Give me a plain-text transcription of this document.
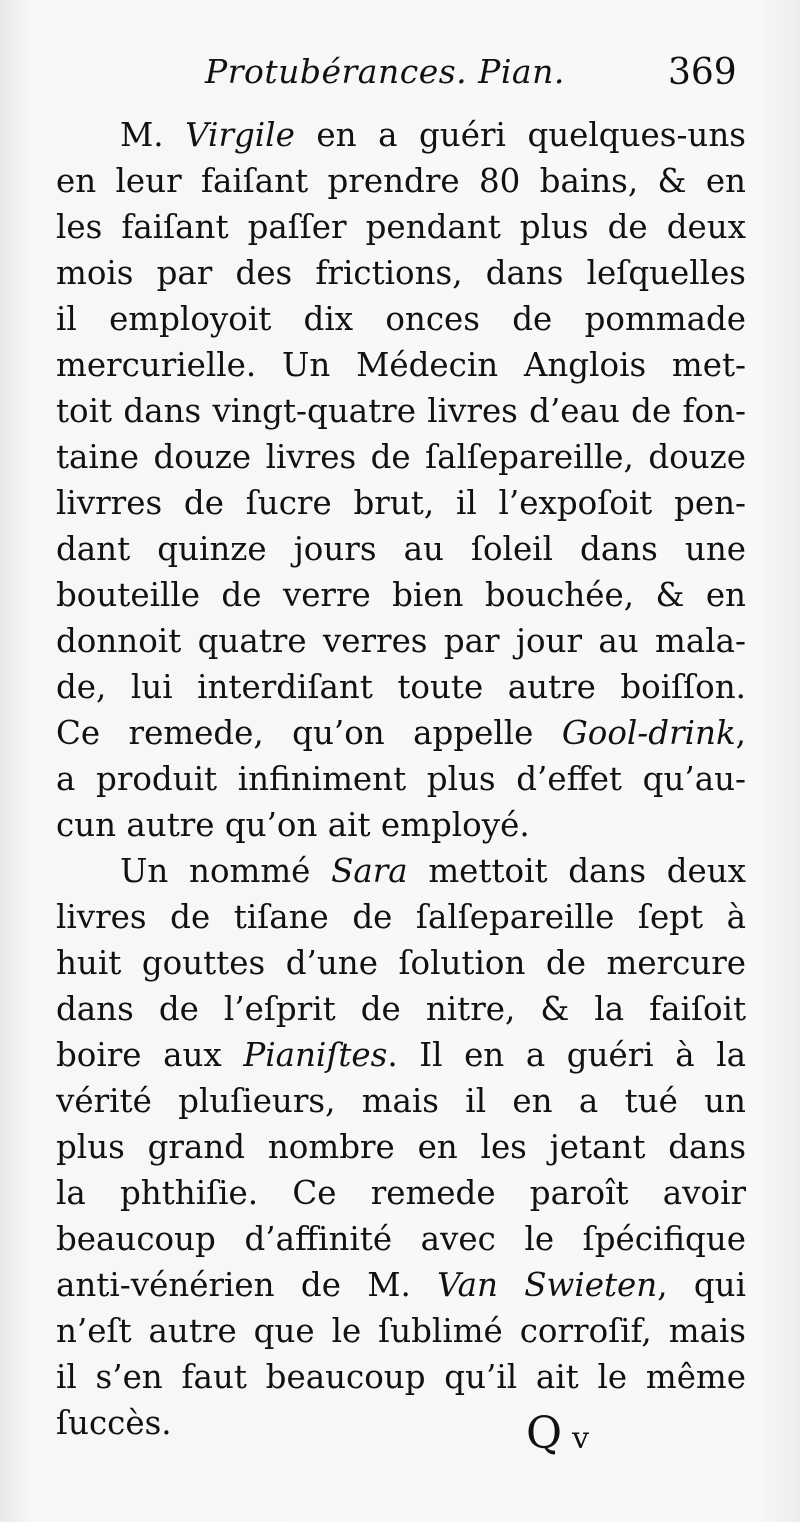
Protubérances. Pian.	369
M. Virgile en a guéri quelques-uns
en leur faiſant prendre 80 bains, & en
les faiſant paſſer pendant plus de deux
mois par des frictions, dans leſquelles
il employoit dix onces de pommade
mercurielle. Un Médecin Anglois met-
toit dans vingt-quatre livres d’eau de fon-
taine douze livres de ſalſepareille, douze
livrres de ſucre brut, il l’expoſoit pen-
dant quinze jours au ſoleil dans une
bouteille de verre bien bouchée, & en
donnoit quatre verres par jour au mala-
de, lui interdiſant toute autre boiſſon.
Ce remede, qu’on appelle Gool-drink,
a produit infiniment plus d’effet qu’au-
cun autre qu’on ait employé.
Un nommé Sara mettoit dans deux
livres de tiſane de ſalſepareille ſept à
huit gouttes d’une ſolution de mercure
dans de l’eſprit de nitre, & la faiſoit
boire aux Pianiſtes. Il en a guéri à la
vérité pluſieurs, mais il en a tué un
plus grand nombre en les jetant dans
la phthiſie. Ce remede paroît avoir
beaucoup d’affinité avec le ſpécifique
anti-vénérien de M. Van Swieten, qui
n’eſt autre que le ſublimé corroſif, mais
il s’en faut beaucoup qu’il ait le même
ſuccès.	Q v
